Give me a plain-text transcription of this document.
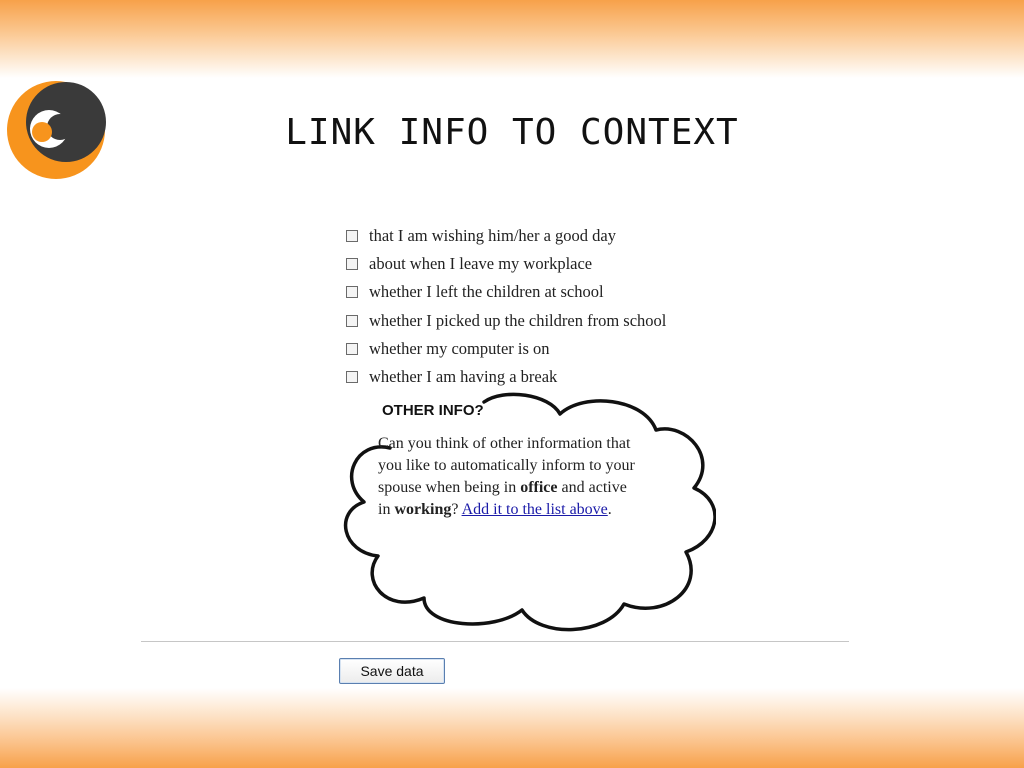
LINK INFO TO CONTEXT
that I am wishing him/her a good day
about when I leave my workplace
whether I left the children at school
whether I picked up the children from school
whether my computer is on
whether I am having a break
OTHER INFO?
Can you think of other information that
you like to automatically inform to your
spouse when being in office and active
in working? Add it to the list above.
Save data
